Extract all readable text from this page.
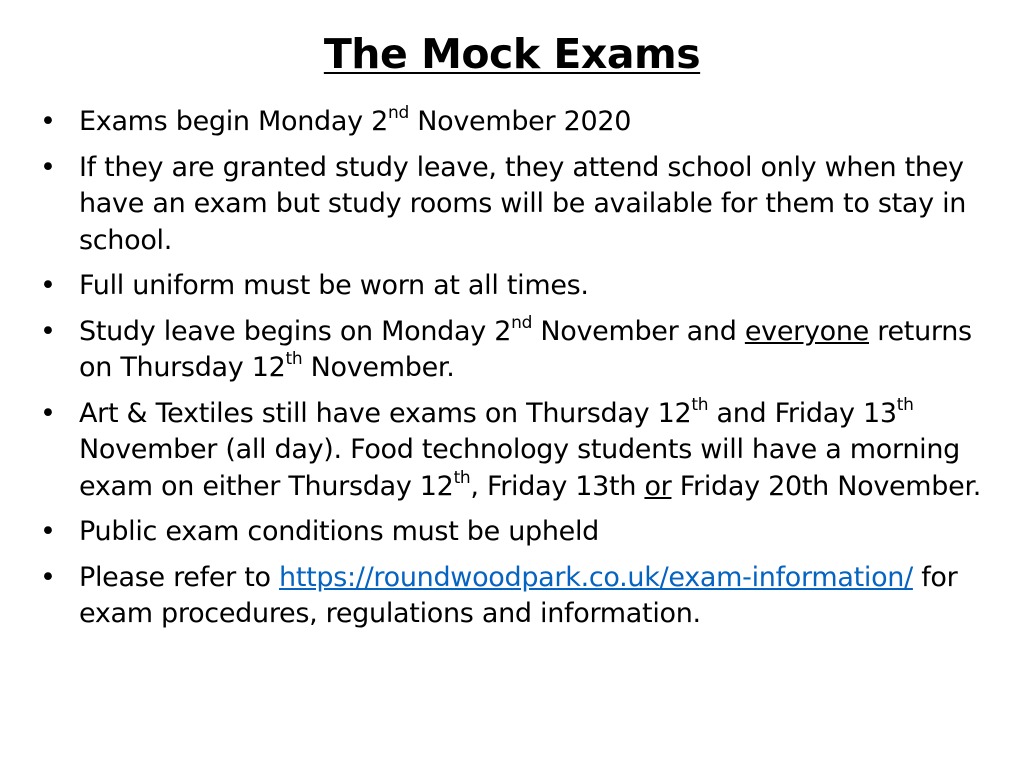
The Mock Exams
• Exams begin Monday 2nd November 2020
• If they are granted study leave, they attend school only when they have an exam but study rooms will be available for them to stay in school.
• Full uniform must be worn at all times.
• Study leave begins on Monday 2nd November and everyone returns on Thursday 12th November.
• Art & Textiles still have exams on Thursday 12th and Friday 13th November (all day). Food technology students will have a morning exam on either Thursday 12th, Friday 13th or Friday 20th November.
• Public exam conditions must be upheld
• Please refer to https://roundwoodpark.co.uk/exam-information/ for exam procedures, regulations and information.
